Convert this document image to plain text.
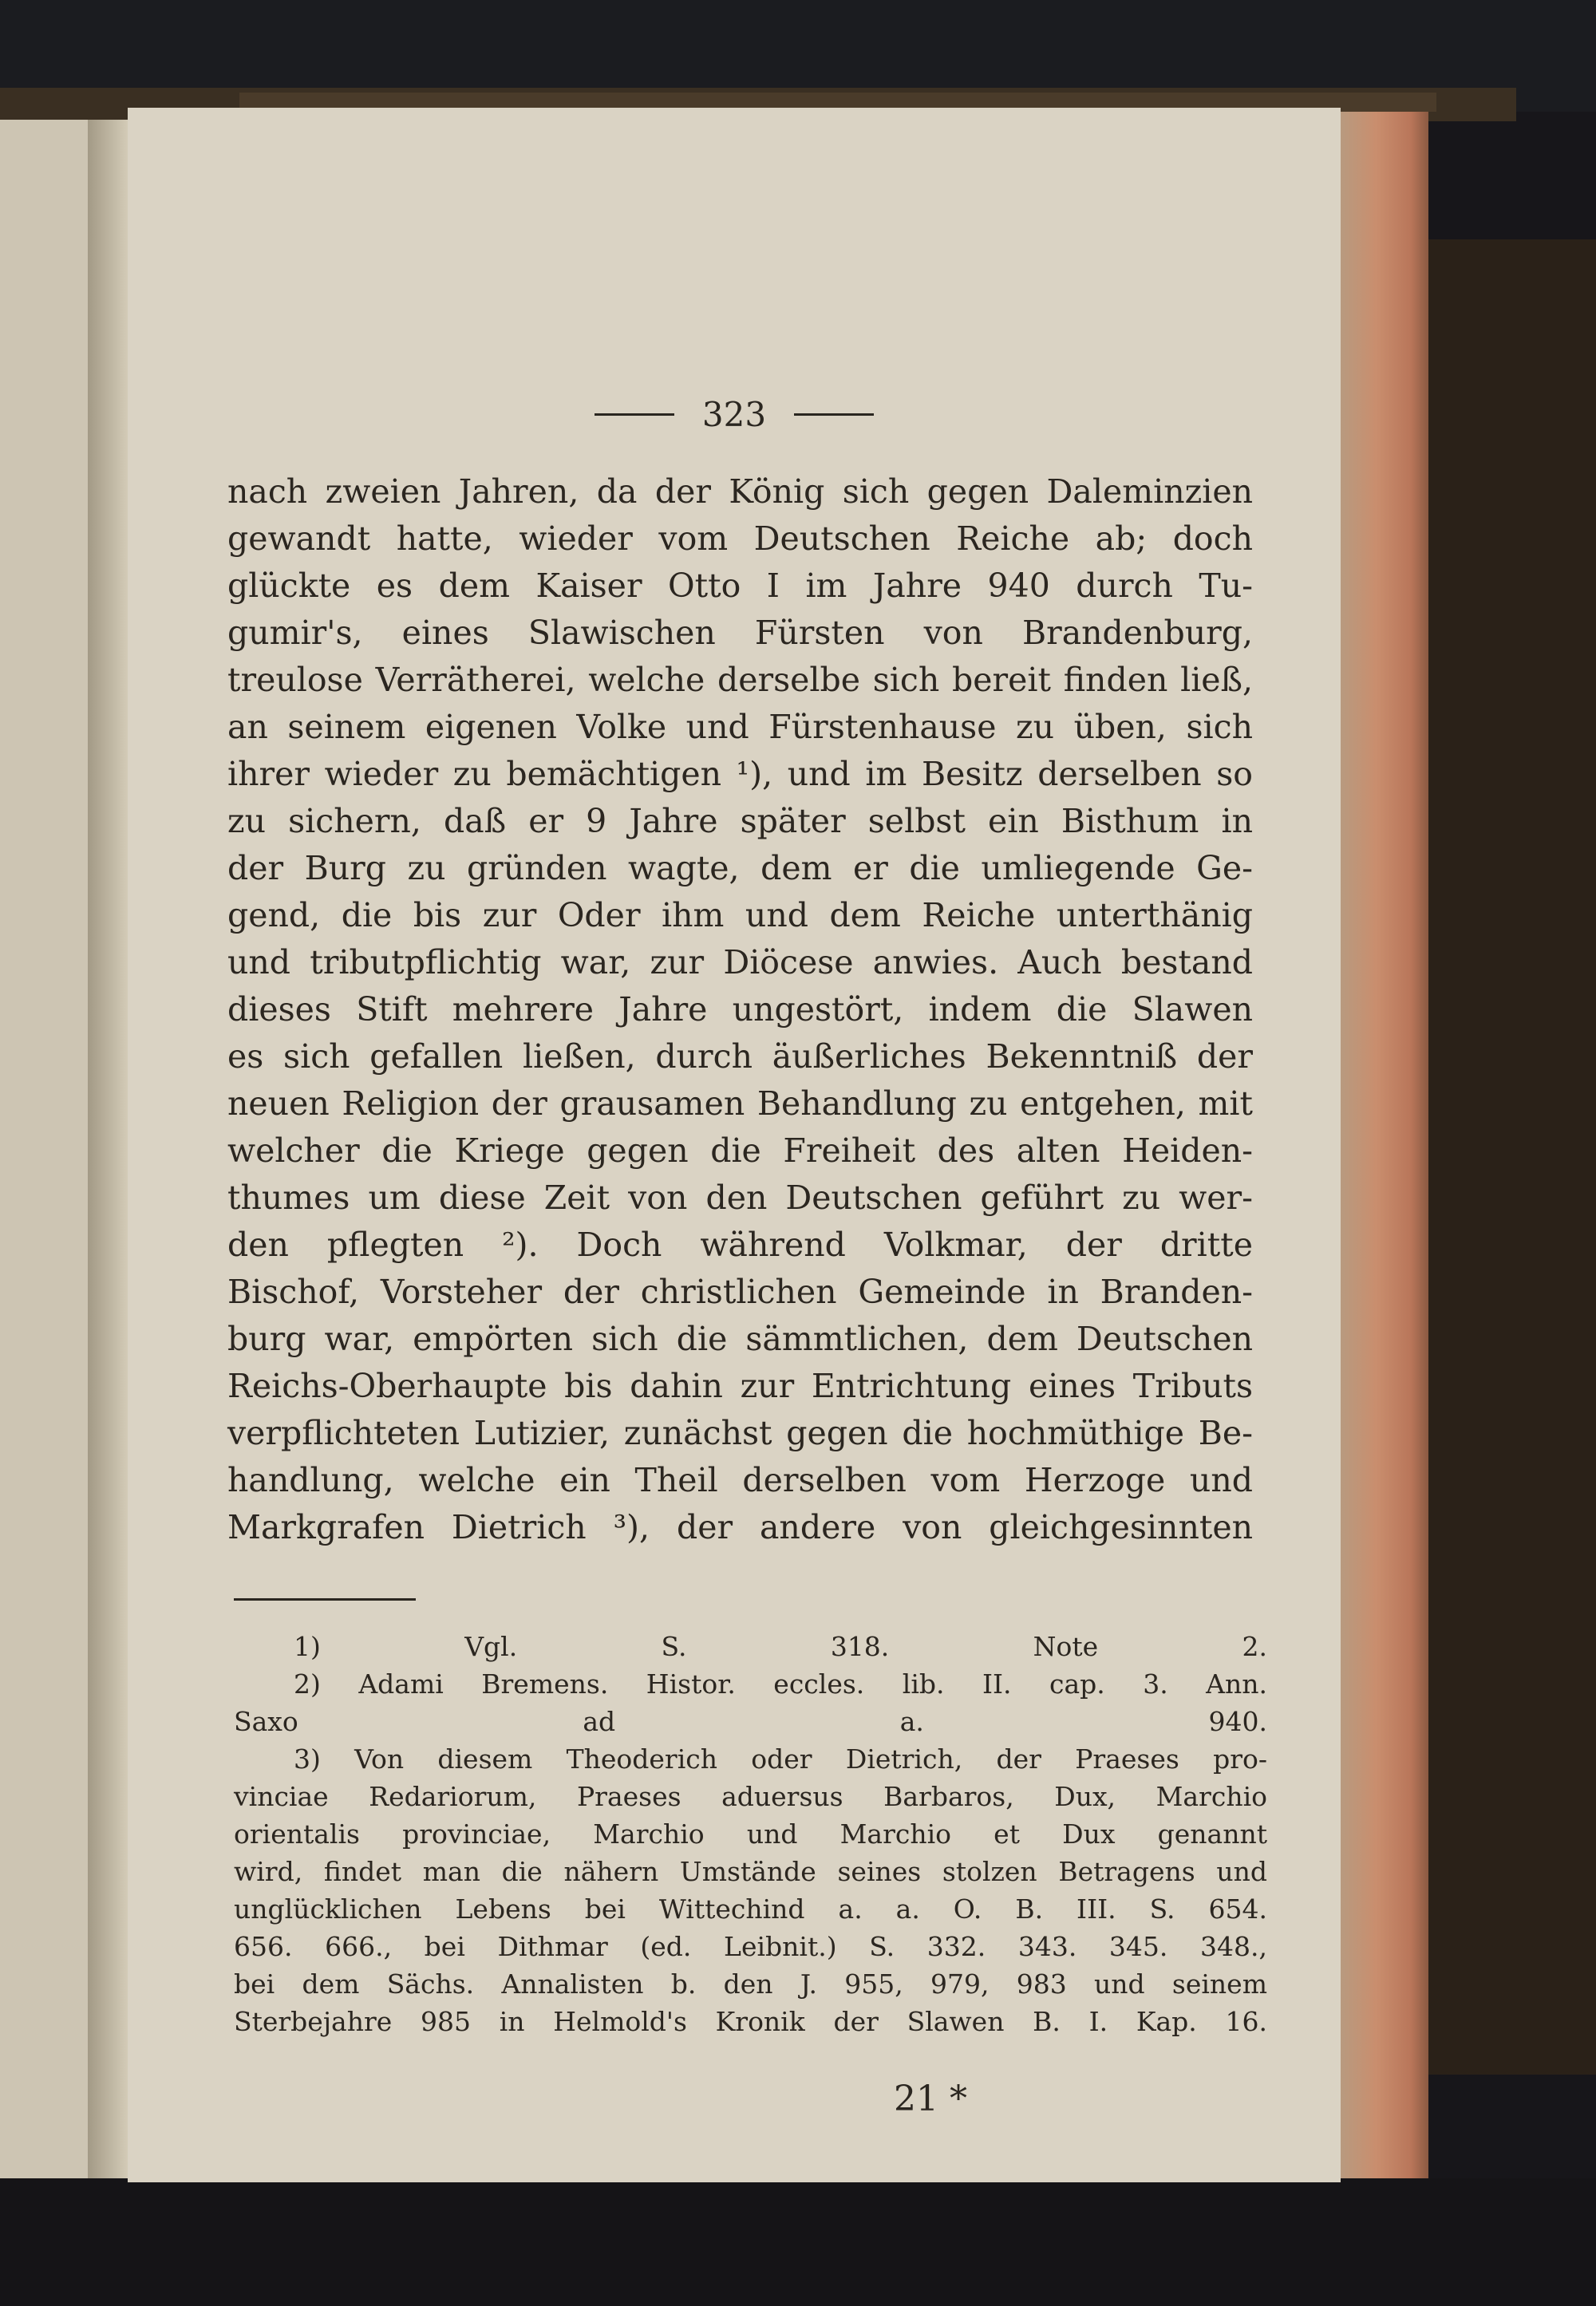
323
nach zweien Jahren, da der König sich gegen Daleminzien
gewandt hatte, wieder vom Deutschen Reiche ab; doch
glückte es dem Kaiser Otto I im Jahre 940 durch Tu-
gumir's, eines Slawischen Fürsten von Brandenburg,
treulose Verrätherei, welche derselbe sich bereit finden ließ,
an seinem eigenen Volke und Fürstenhause zu üben, sich
ihrer wieder zu bemächtigen ¹), und im Besitz derselben so
zu sichern, daß er 9 Jahre später selbst ein Bisthum in
der Burg zu gründen wagte, dem er die umliegende Ge-
gend, die bis zur Oder ihm und dem Reiche unterthänig
und tributpflichtig war, zur Diöcese anwies. Auch bestand
dieses Stift mehrere Jahre ungestört, indem die Slawen
es sich gefallen ließen, durch äußerliches Bekenntniß der
neuen Religion der grausamen Behandlung zu entgehen, mit
welcher die Kriege gegen die Freiheit des alten Heiden-
thumes um diese Zeit von den Deutschen geführt zu wer-
den pflegten ²). Doch während Volkmar, der dritte
Bischof, Vorsteher der christlichen Gemeinde in Branden-
burg war, empörten sich die sämmtlichen, dem Deutschen
Reichs-Oberhaupte bis dahin zur Entrichtung eines Tributs
verpflichteten Lutizier, zunächst gegen die hochmüthige Be-
handlung, welche ein Theil derselben vom Herzoge und
Markgrafen Dietrich ³), der andere von gleichgesinnten
1) Vgl. S. 318. Note 2.
2) Adami Bremens. Histor. eccles. lib. II. cap. 3. Ann.
Saxo ad a. 940.
3) Von diesem Theoderich oder Dietrich, der Praeses pro-
vinciae Redariorum, Praeses aduersus Barbaros, Dux, Marchio
orientalis provinciae, Marchio und Marchio et Dux genannt
wird, findet man die nähern Umstände seines stolzen Betragens und
unglücklichen Lebens bei Wittechind a. a. O. B. III. S. 654.
656. 666., bei Dithmar (ed. Leibnit.) S. 332. 343. 345. 348.,
bei dem Sächs. Annalisten b. den J. 955, 979, 983 und seinem
Sterbejahre 985 in Helmold's Kronik der Slawen B. I. Kap. 16.
21 *
